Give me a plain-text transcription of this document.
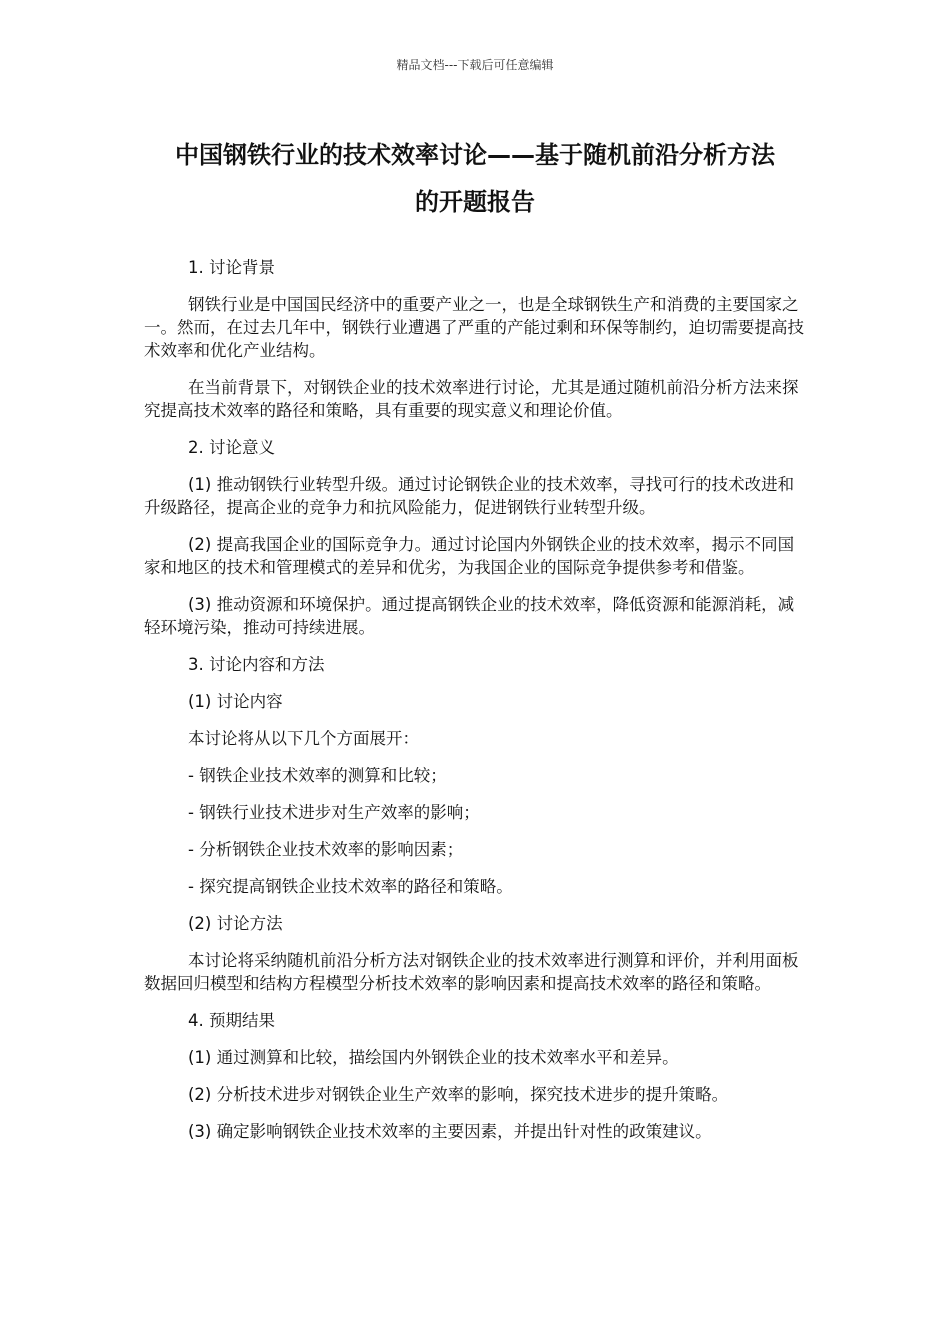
精品文档---下载后可任意编辑
中国钢铁行业的技术效率讨论——基于随机前沿分析方法
的开题报告

1. 讨论背景

钢铁行业是中国国民经济中的重要产业之一，也是全球钢铁生产和消费的主要国家之一。然而，在过去几年中，钢铁行业遭遇了严重的产能过剩和环保等制约，迫切需要提高技术效率和优化产业结构。

在当前背景下，对钢铁企业的技术效率进行讨论，尤其是通过随机前沿分析方法来探究提高技术效率的路径和策略，具有重要的现实意义和理论价值。

2. 讨论意义

(1) 推动钢铁行业转型升级。通过讨论钢铁企业的技术效率，寻找可行的技术改进和升级路径，提高企业的竞争力和抗风险能力，促进钢铁行业转型升级。

(2) 提高我国企业的国际竞争力。通过讨论国内外钢铁企业的技术效率，揭示不同国家和地区的技术和管理模式的差异和优劣，为我国企业的国际竞争提供参考和借鉴。

(3) 推动资源和环境保护。通过提高钢铁企业的技术效率，降低资源和能源消耗，减轻环境污染，推动可持续进展。

3. 讨论内容和方法

(1) 讨论内容

本讨论将从以下几个方面展开：

- 钢铁企业技术效率的测算和比较；

- 钢铁行业技术进步对生产效率的影响；

- 分析钢铁企业技术效率的影响因素；

- 探究提高钢铁企业技术效率的路径和策略。

(2) 讨论方法

本讨论将采纳随机前沿分析方法对钢铁企业的技术效率进行测算和评价，并利用面板数据回归模型和结构方程模型分析技术效率的影响因素和提高技术效率的路径和策略。

4. 预期结果

(1) 通过测算和比较，描绘国内外钢铁企业的技术效率水平和差异。

(2) 分析技术进步对钢铁企业生产效率的影响，探究技术进步的提升策略。

(3) 确定影响钢铁企业技术效率的主要因素，并提出针对性的政策建议。
